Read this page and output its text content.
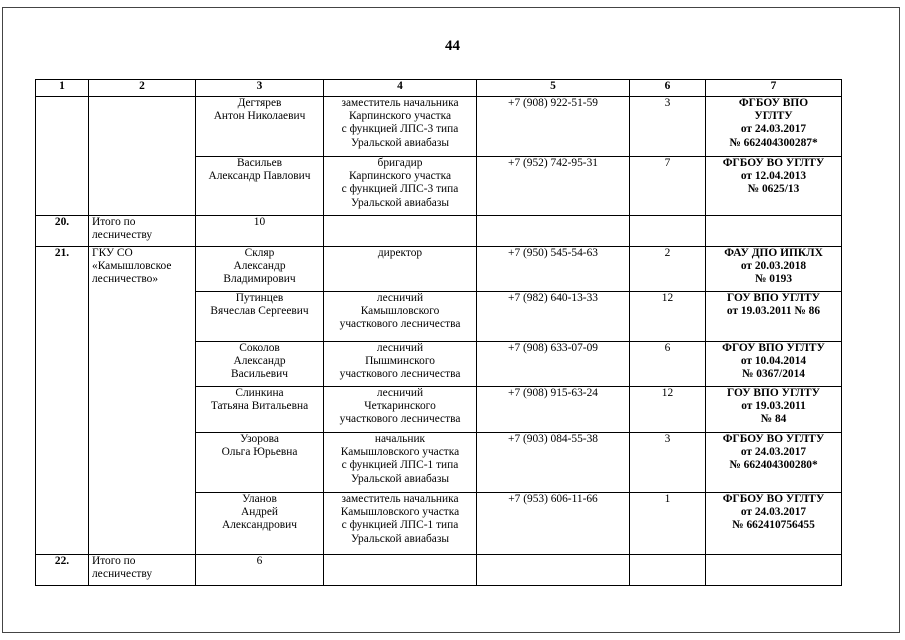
44
1	2	3	4	5	6	7
		Дегтярев
Антон Николаевич	заместитель начальника
Карпинского участка
с функцией ЛПС-3 типа
Уральской авиабазы	+7 (908) 922-51-59	3	ФГБОУ ВПО
УГЛТУ
от 24.03.2017
№ 662404300287*
		Васильев
Александр Павлович	бригадир
Карпинского участка
с функцией ЛПС-3 типа
Уральской авиабазы	+7 (952) 742-95-31	7	ФГБОУ ВО УГЛТУ
от 12.04.2013
№ 0625/13
20.	Итого по
лесничеству	10				
21.	ГКУ СО
«Камышловское
лесничество»	Скляр
Александр
Владимирович	директор	+7 (950) 545-54-63	2	ФАУ ДПО ИПКЛХ
от 20.03.2018
№ 0193
		Путинцев
Вячеслав Сергеевич	лесничий
Камышловского
участкового лесничества	+7 (982) 640-13-33	12	ГОУ ВПО УГЛТУ
от 19.03.2011 № 86
		Соколов
Александр
Васильевич	лесничий
Пышминского
участкового лесничества	+7 (908) 633-07-09	6	ФГОУ ВПО УГЛТУ
от 10.04.2014
№ 0367/2014
		Слинкина
Татьяна Витальевна	лесничий
Четкаринского
участкового лесничества	+7 (908) 915-63-24	12	ГОУ ВПО УГЛТУ
от 19.03.2011
№ 84
		Узорова
Ольга Юрьевна	начальник
Камышловского участка
с функцией ЛПС-1 типа
Уральской авиабазы	+7 (903) 084-55-38	3	ФГБОУ ВО УГЛТУ
от 24.03.2017
№ 662404300280*
		Уланов
Андрей
Александрович	заместитель начальника
Камышловского участка
с функцией ЛПС-1 типа
Уральской авиабазы	+7 (953) 606-11-66	1	ФГБОУ ВО УГЛТУ
от 24.03.2017
№ 662410756455
22.	Итого по
лесничеству	6				
